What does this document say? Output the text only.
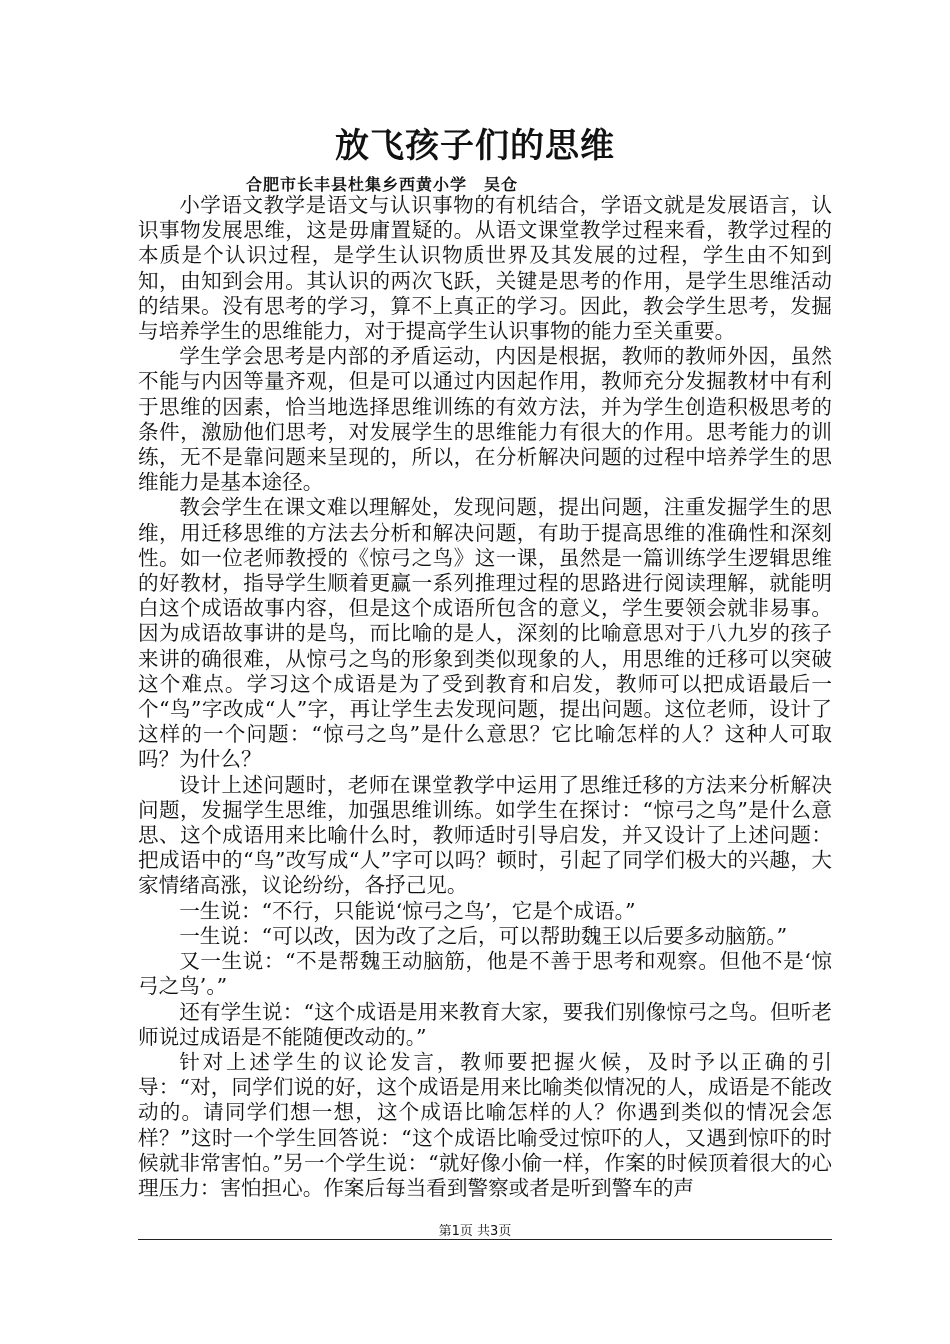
放飞孩子们的思维
合肥市长丰县杜集乡西黄小学　吴仓

小学语文教学是语文与认识事物的有机结合，学语文就是发展语言，认识事物发展思维，这是毋庸置疑的。从语文课堂教学过程来看，教学过程的本质是个认识过程，是学生认识物质世界及其发展的过程，学生由不知到知，由知到会用。其认识的两次飞跃，关键是思考的作用，是学生思维活动的结果。没有思考的学习，算不上真正的学习。因此，教会学生思考，发掘与培养学生的思维能力，对于提高学生认识事物的能力至关重要。

学生学会思考是内部的矛盾运动，内因是根据，教师的教师外因，虽然不能与内因等量齐观，但是可以通过内因起作用，教师充分发掘教材中有利于思维的因素，恰当地选择思维训练的有效方法，并为学生创造积极思考的条件，激励他们思考，对发展学生的思维能力有很大的作用。思考能力的训练，无不是靠问题来呈现的，所以，在分析解决问题的过程中培养学生的思维能力是基本途径。

教会学生在课文难以理解处，发现问题，提出问题，注重发掘学生的思维，用迁移思维的方法去分析和解决问题，有助于提高思维的准确性和深刻性。如一位老师教授的《惊弓之鸟》这一课，虽然是一篇训练学生逻辑思维的好教材，指导学生顺着更赢一系列推理过程的思路进行阅读理解，就能明白这个成语故事内容，但是这个成语所包含的意义，学生要领会就非易事。因为成语故事讲的是鸟，而比喻的是人，深刻的比喻意思对于八九岁的孩子来讲的确很难，从惊弓之鸟的形象到类似现象的人，用思维的迁移可以突破这个难点。学习这个成语是为了受到教育和启发，教师可以把成语最后一个“鸟”字改成“人”字，再让学生去发现问题，提出问题。这位老师，设计了这样的一个问题：“惊弓之鸟”是什么意思？它比喻怎样的人？这种人可取吗？为什么？

设计上述问题时，老师在课堂教学中运用了思维迁移的方法来分析解决问题，发掘学生思维，加强思维训练。如学生在探讨：“惊弓之鸟”是什么意思、这个成语用来比喻什么时，教师适时引导启发，并又设计了上述问题：把成语中的“鸟”改写成“人”字可以吗？顿时，引起了同学们极大的兴趣，大家情绪高涨，议论纷纷，各抒己见。

一生说：“不行，只能说‘惊弓之鸟’，它是个成语。”

一生说：“可以改，因为改了之后，可以帮助魏王以后要多动脑筋。”

又一生说：“不是帮魏王动脑筋，他是不善于思考和观察。但他不是‘惊弓之鸟’。”

还有学生说：“这个成语是用来教育大家，要我们别像惊弓之鸟。但听老师说过成语是不能随便改动的。”

针对上述学生的议论发言，教师要把握火候，及时予以正确的引导：“对，同学们说的好，这个成语是用来比喻类似情况的人，成语是不能改动的。请同学们想一想，这个成语比喻怎样的人？你遇到类似的情况会怎样？”这时一个学生回答说：“这个成语比喻受过惊吓的人，又遇到惊吓的时候就非常害怕。”另一个学生说：“就好像小偷一样，作案的时候顶着很大的心理压力：害怕担心。作案后每当看到警察或者是听到警车的声

第1页 共3页
